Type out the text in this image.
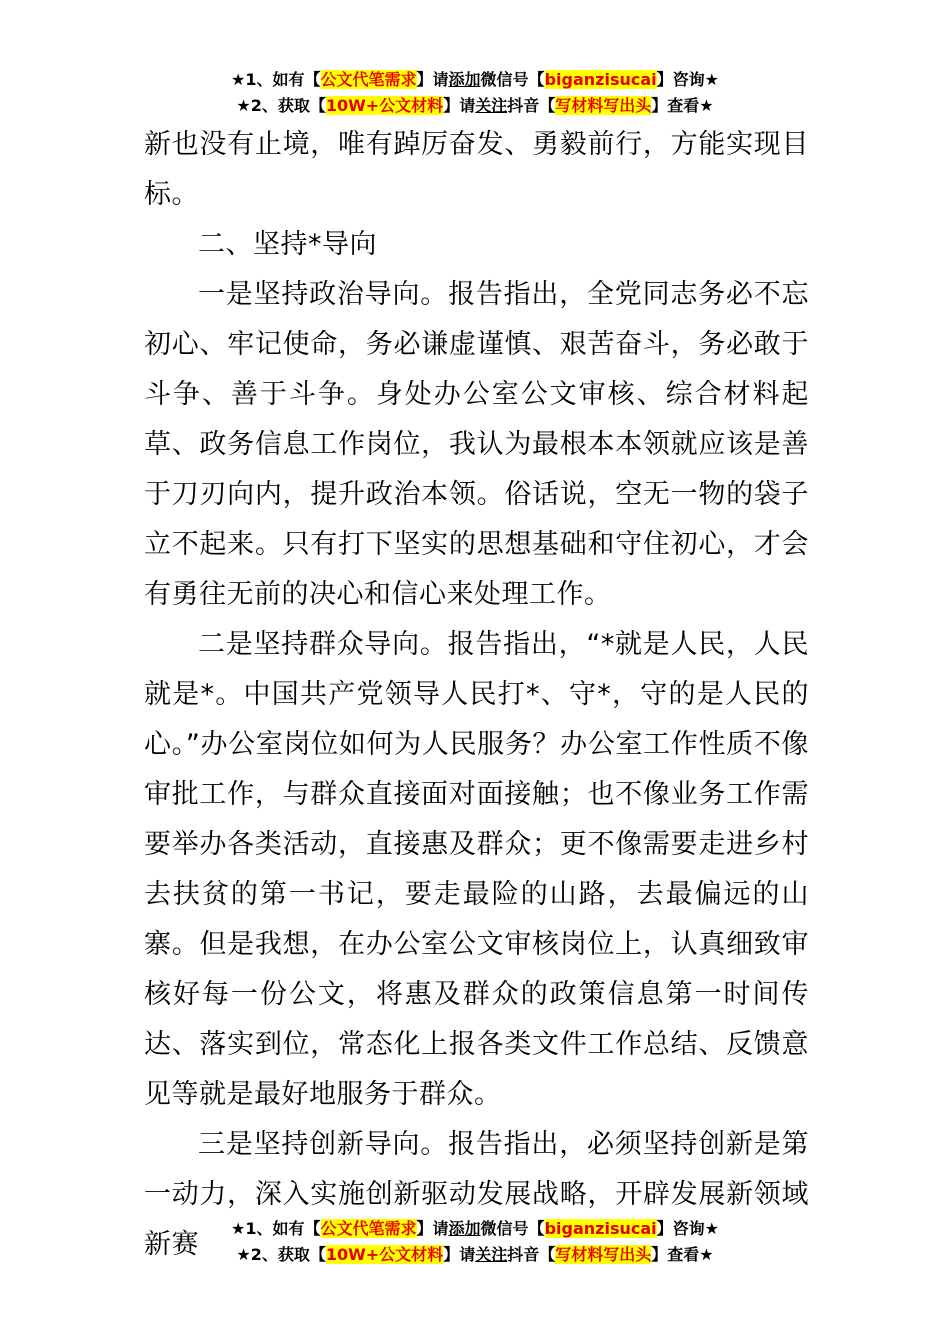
★1、如有【公文代笔需求】请添加微信号【biganzisucai】咨询★
★2、获取【10W+公文材料】请关注抖音【写材料写出头】查看★

新也没有止境，唯有踔厉奋发、勇毅前行，方能实现目标。

二、坚持*导向

一是坚持政治导向。报告指出，全党同志务必不忘初心、牢记使命，务必谦虚谨慎、艰苦奋斗，务必敢于斗争、善于斗争。身处办公室公文审核、综合材料起草、政务信息工作岗位，我认为最根本本领就应该是善于刀刃向内，提升政治本领。俗话说，空无一物的袋子立不起来。只有打下坚实的思想基础和守住初心，才会有勇往无前的决心和信心来处理工作。

二是坚持群众导向。报告指出，“*就是人民，人民就是*。中国共产党领导人民打*、守*，守的是人民的心。”办公室岗位如何为人民服务？办公室工作性质不像审批工作，与群众直接面对面接触；也不像业务工作需要举办各类活动，直接惠及群众；更不像需要走进乡村去扶贫的第一书记，要走最险的山路，去最偏远的山寨。但是我想，在办公室公文审核岗位上，认真细致审核好每一份公文，将惠及群众的政策信息第一时间传达、落实到位，常态化上报各类文件工作总结、反馈意见等就是最好地服务于群众。

三是坚持创新导向。报告指出，必须坚持创新是第一动力，深入实施创新驱动发展战略，开辟发展新领域新赛

★1、如有【公文代笔需求】请添加微信号【biganzisucai】咨询★
★2、获取【10W+公文材料】请关注抖音【写材料写出头】查看★
